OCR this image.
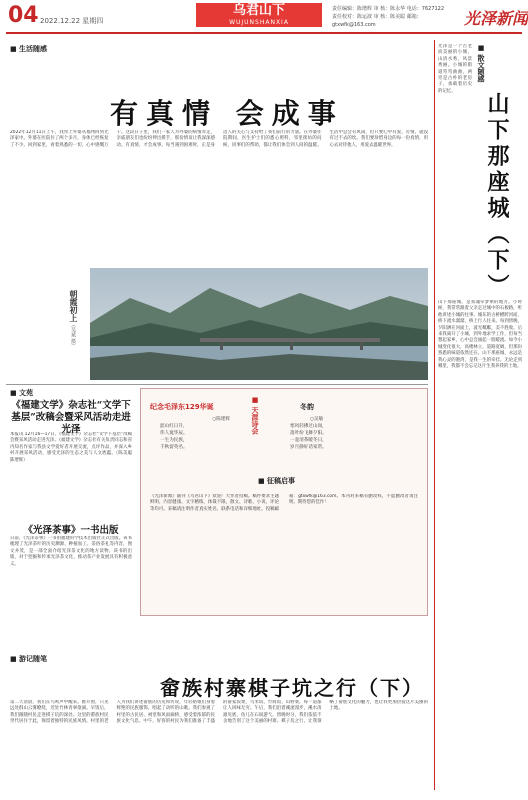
04 2022.12.22 星期四
乌君山下
WUJUNSHANXIA
责任编辑：陈增辉 审 核：陈永华 电话：7627122
责任校对：陈运波 审 核：陈美聪 邮箱：gtxwfk@163.com	光泽新闻
■ 生活随感
有真情 会成事
2022年12月11日上午，我带上外婆从福州回到光泽家中。外婆在医院住了两个多月，身体已经恢复了不少。回到家里，看着熟悉的一切，心中感慨万千。这段日子里，我们一家人为外婆的病情奔走，亲戚朋友们也纷纷伸出援手，那份情谊让我深深感动。有真情，才会成事。每当遇到困难时，正是身边人的关心与支持给了我们前行的力量。在外婆住院期间，医生护士们的悉心照料，邻里街坊的问候，同事们的帮助，都让我们体会到人间的温暖。生活中总会有风雨，但只要心中有爱、有情，就没有过不去的坎。我们要珍惜身边的每一份真情，用心去对待他人，用爱去温暖世界。
朝霞初上
（吴斌 摄）
光泽是一个古老而美丽的小城，山清水秀，风景秀丽。小城的街道弯弯曲曲，两旁是古朴的老房子，承载着历史的记忆。
■ 散文随感
山下那座城（下）
山下那座城，是我魂牵梦萦的地方。小时候，我常常跟着父亲走过城中的石板路，听他讲述小城的往事。城东的古桥横跨河面，桥下流水潺潺，桥上行人往来。每到傍晚，夕阳洒在河面上，波光粼粼，美不胜收。后来我离开了小城，到外地求学工作，但每当想起家乡，心中总会涌起一股暖流。如今小城变化很大，高楼林立，道路宽阔，但那份熟悉的味道依然还在。山下那座城，永远是我心灵的港湾，是我一生的牵挂。无论走到哪里，我都不会忘记这片生我养我的土地。
■ 文苑
《福建文学》杂志社“文学下基层”改稿会暨采风活动走进光泽
本报讯 12月16—17日，《福建文学》杂志社“文学下基层”改稿会暨采风活动走进光泽。《福建文学》杂志社有关负责同志和省内知名作家与我县文学爱好者开展交流，点评作品，并深入乡村开展采风活动，感受光泽的生态之美与人文底蕴。（陈美聪 陈增辉）
《光泽茶事》一书出版
日前，《光泽茶事》一书由福建科学技术出版社正式出版。该书梳理了光泽茶叶的历史渊源、种植加工、茶俗茶礼等内容，图文并茂，是一部全面介绍光泽茶文化的地方读物。该书的出版，对于挖掘和传承光泽茶文化，推动茶产业发展具有积极意义。
纪念毛泽东129华诞
○陈建辉
韶山红日升，
伟人诞华辰。
一生为民族，
千秋留英名。
■ 天涯诗会	冬韵
○吴敏
寒风轻拂过山岗，
落叶纷飞舞夕阳。
一壶清茶暖冬日，
岁月静好话家常。
■ 征稿启事
《光泽新闻》副刊《乌君山下》欢迎广大作者投稿。稿件要求主题鲜明、内容健康、文字精练，体裁不限，散文、诗歌、小说、评论等均可。来稿请注明作者真实姓名、联系电话和详细地址。投稿邮箱：gtxwfk@163.com。本刊对来稿有删改权，不愿删改者请注明。期待您的佳作！
■ 游记随笔
畲族村寨棋子坑之行（下）
第二天清晨，我们在鸟鸣声中醒来。推开窗，只见远处群山云雾缭绕，近处竹林青翠欲滴。早饭后，我们跟随村民走进棋子坑的深处。这里的畲族村民世代居住于此，保留着独特的民族风情。村里的老人为我们讲述畲族的历史和传说，年轻姑娘们身着鲜艳的民族服饰，唱起了动听的山歌。我们参观了村里的古民居、祠堂和风雨廊桥，感受着浓郁的民族文化气息。中午，好客的村民为我们准备了丰盛的畲家饭菜，乌米饭、竹筒饭、山野菜，每一道都让人回味无穷。午后，我们沿着溪流漫步，溪水清澈见底，鱼儿在石间游弋。傍晚时分，我们依依不舍地告别了这个美丽的村寨。棋子坑之行，让我领略了畲族文化的魅力，也让我更加热爱这片美丽的土地。
